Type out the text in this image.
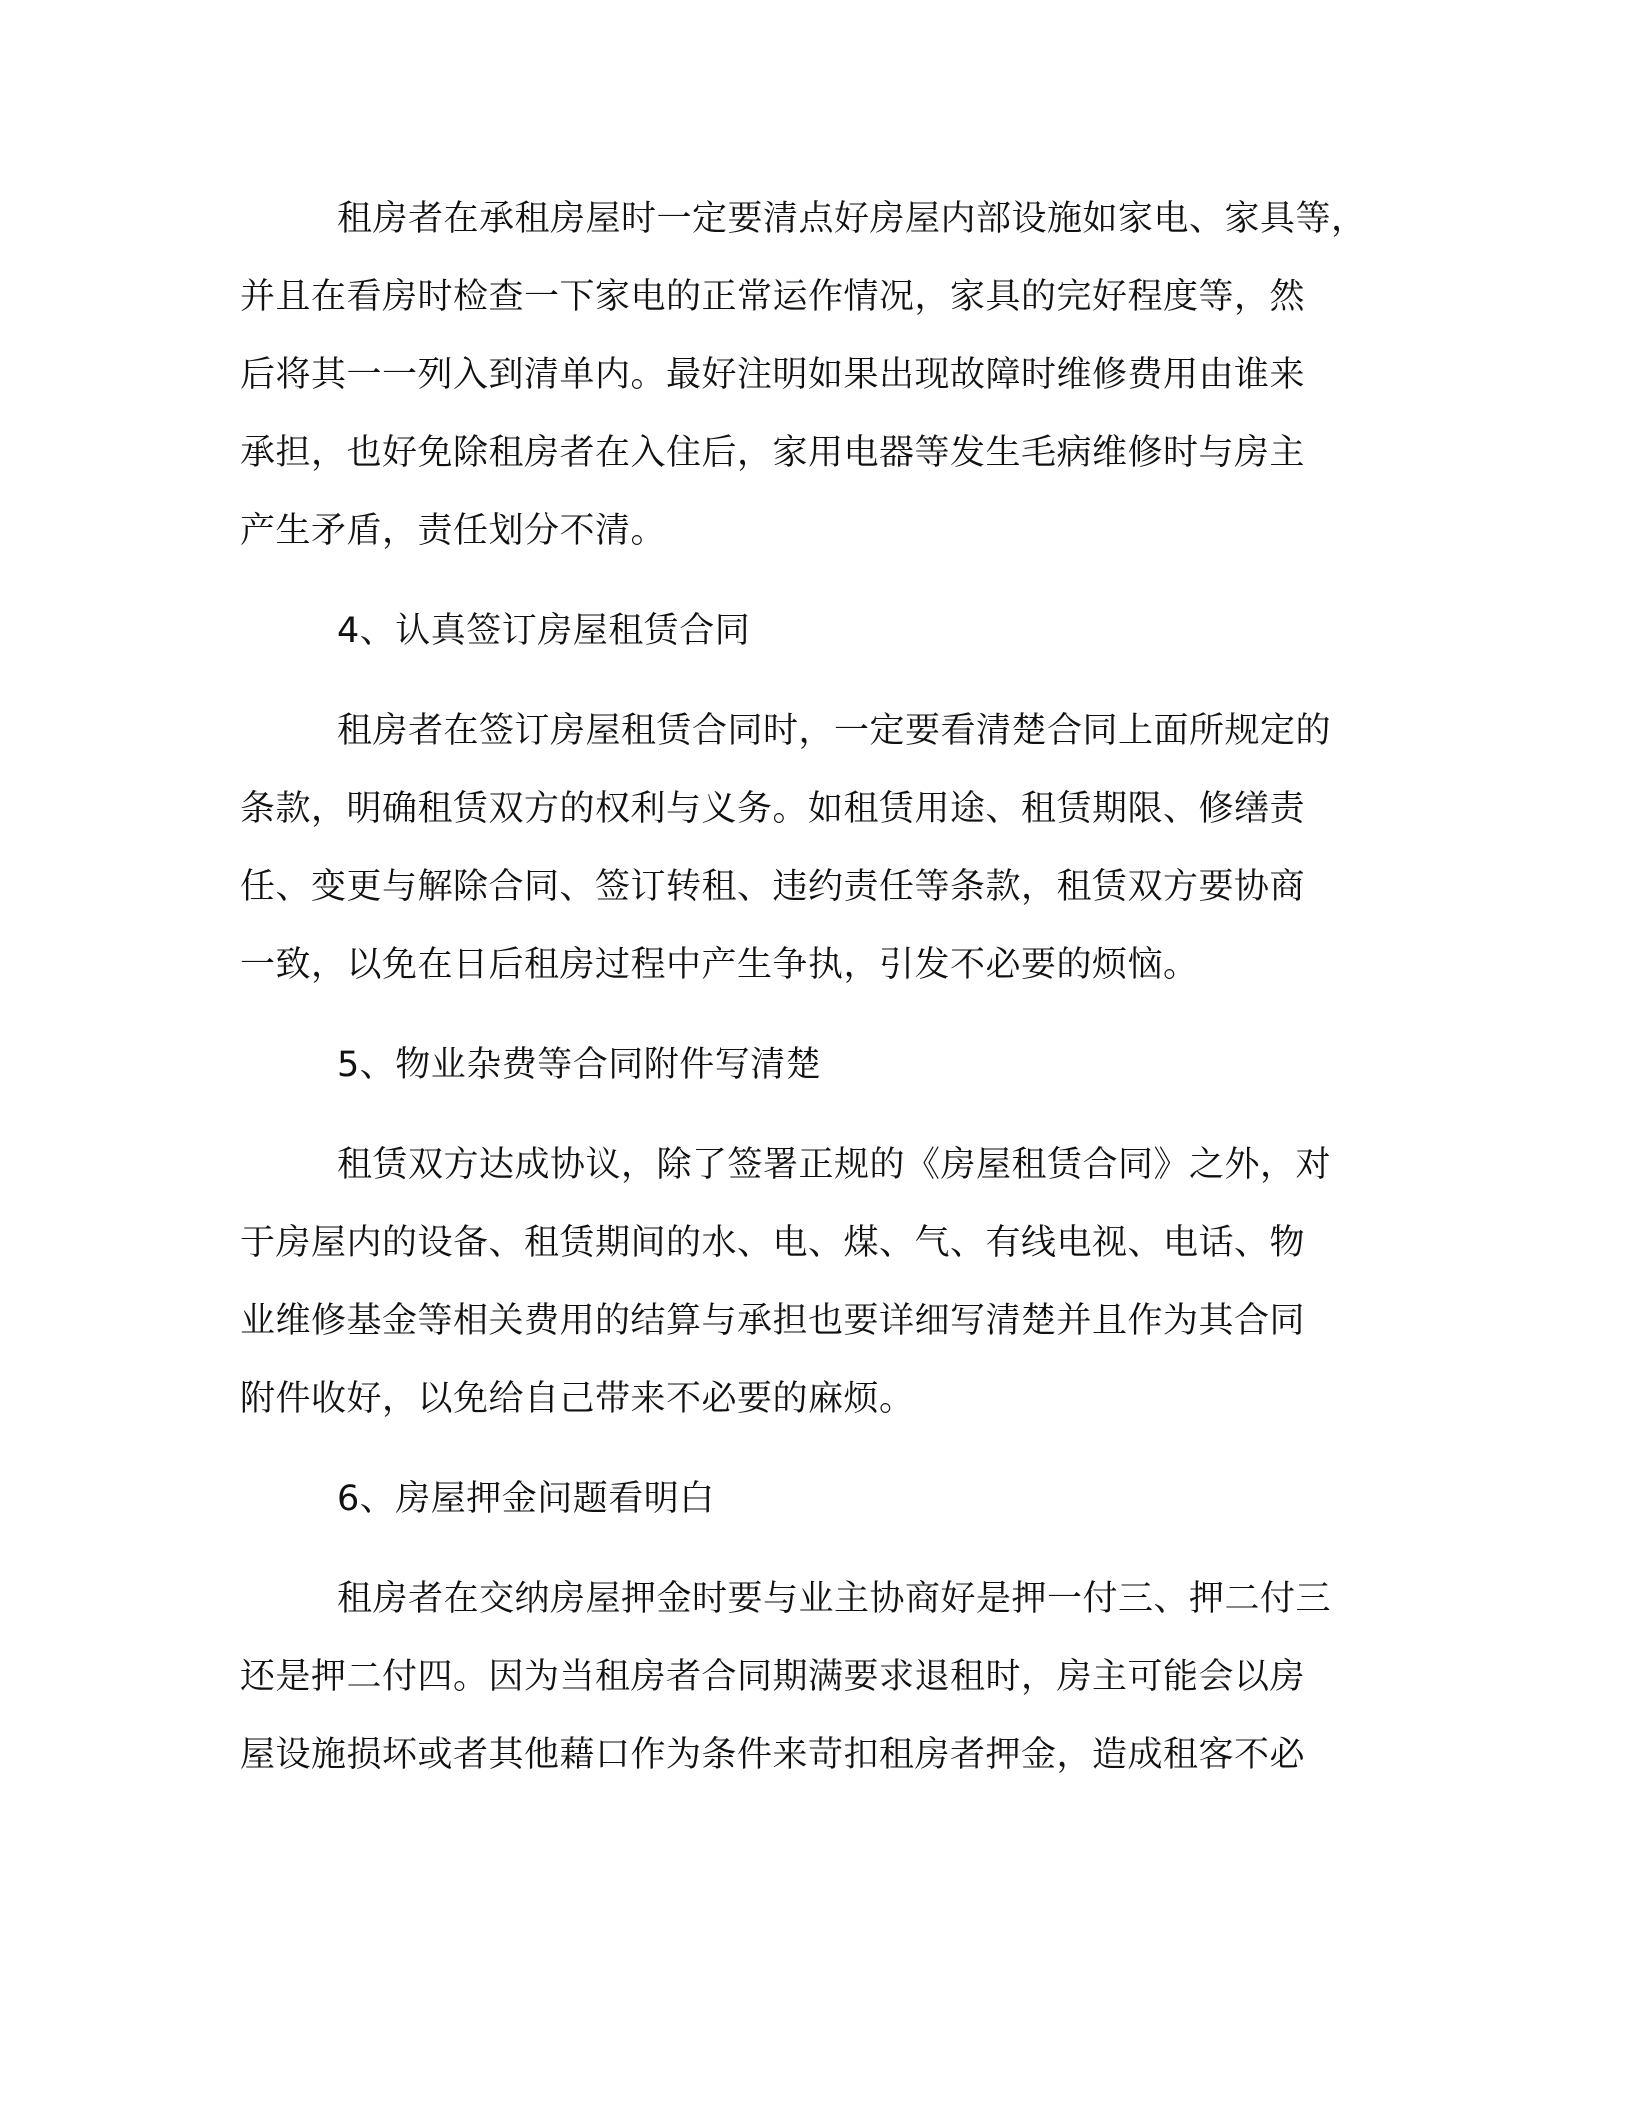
租房者在承租房屋时一定要清点好房屋内部设施如家电、家具等，
并且在看房时检查一下家电的正常运作情况，家具的完好程度等，然
后将其一一列入到清单内。最好注明如果出现故障时维修费用由谁来
承担，也好免除租房者在入住后，家用电器等发生毛病维修时与房主
产生矛盾，责任划分不清。
4、认真签订房屋租赁合同
租房者在签订房屋租赁合同时，一定要看清楚合同上面所规定的
条款，明确租赁双方的权利与义务。如租赁用途、租赁期限、修缮责
任、变更与解除合同、签订转租、违约责任等条款，租赁双方要协商
一致，以免在日后租房过程中产生争执，引发不必要的烦恼。
5、物业杂费等合同附件写清楚
租赁双方达成协议，除了签署正规的《房屋租赁合同》之外，对
于房屋内的设备、租赁期间的水、电、煤、气、有线电视、电话、物
业维修基金等相关费用的结算与承担也要详细写清楚并且作为其合同
附件收好，以免给自己带来不必要的麻烦。
6、房屋押金问题看明白
租房者在交纳房屋押金时要与业主协商好是押一付三、押二付三
还是押二付四。因为当租房者合同期满要求退租时，房主可能会以房
屋设施损坏或者其他藉口作为条件来苛扣租房者押金，造成租客不必
